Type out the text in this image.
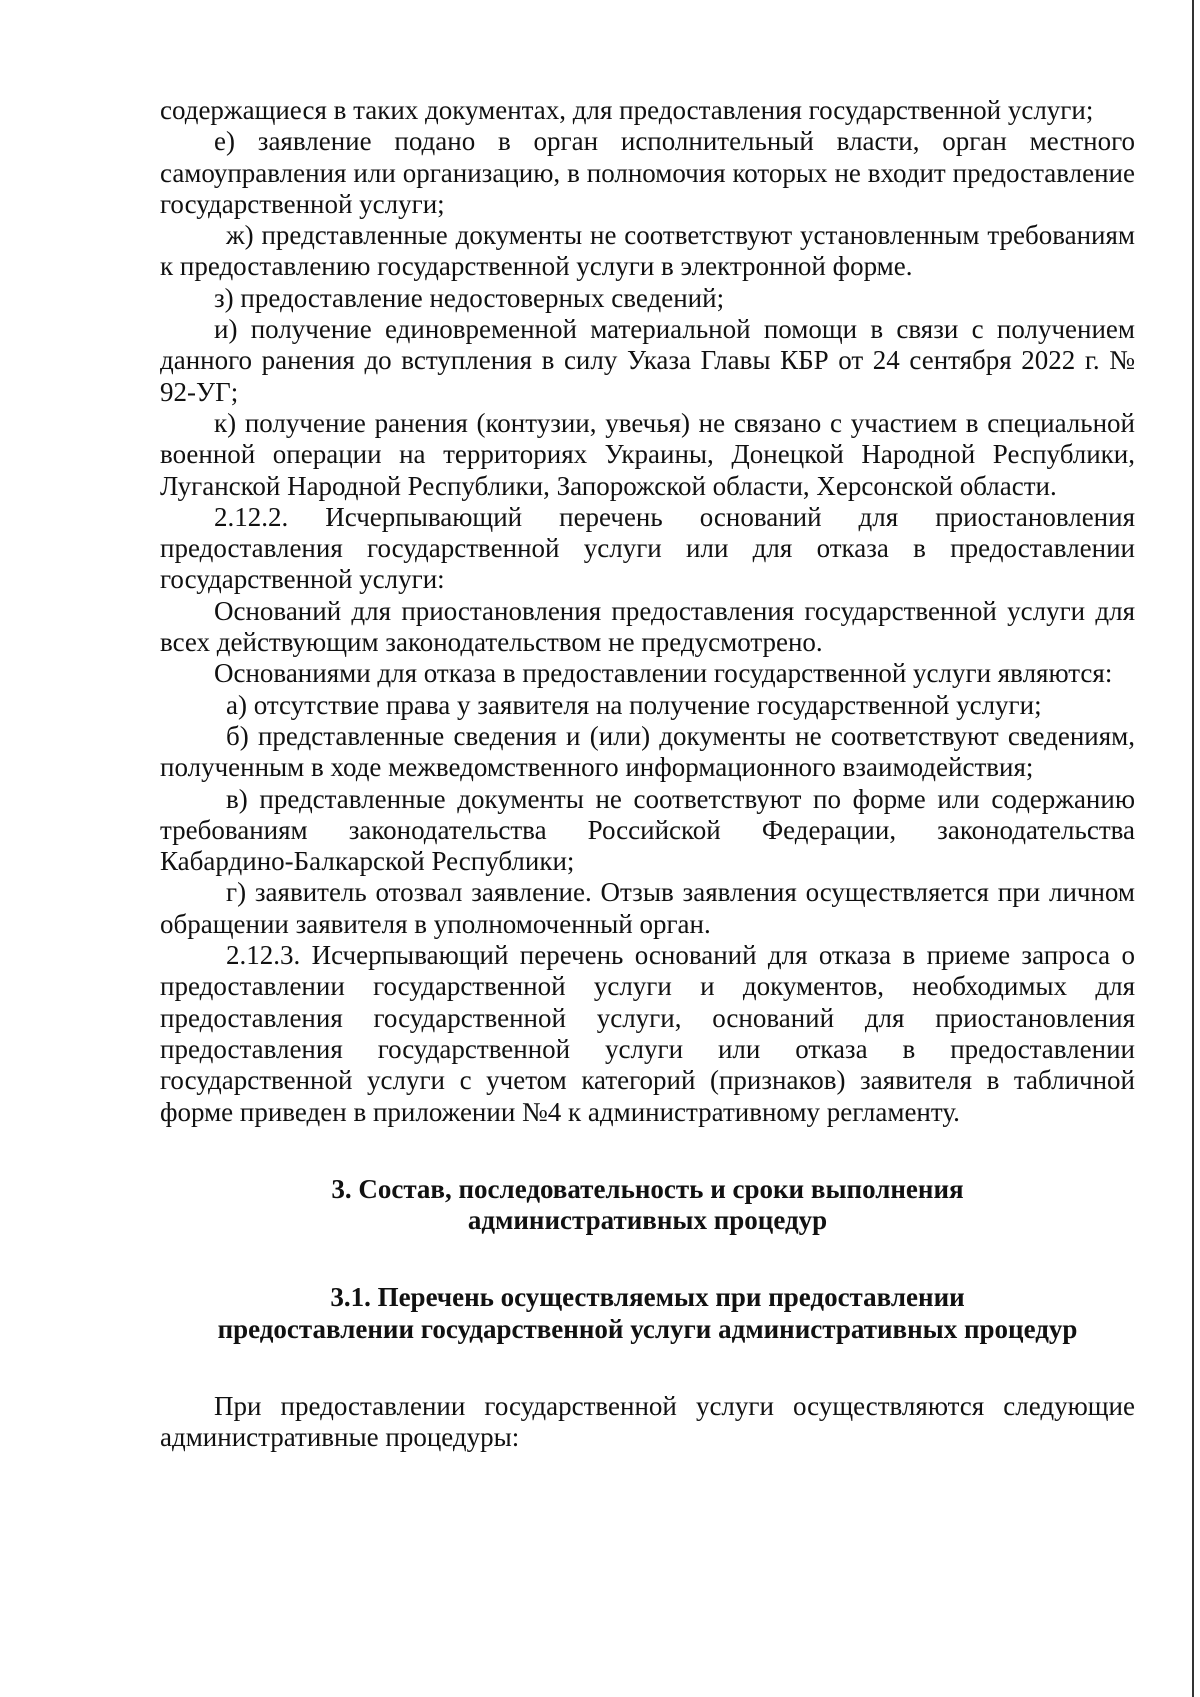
содержащиеся в таких документах, для предоставления государственной услуги;

е) заявление подано в орган исполнительный власти, орган местного самоуправления или организацию, в полномочия которых не входит предоставление государственной услуги;

ж) представленные документы не соответствуют установленным требованиям к предоставлению государственной услуги в электронной форме.

з) предоставление недостоверных сведений;

и) получение единовременной материальной помощи в связи с получением данного ранения до вступления в силу Указа Главы КБР от 24 сентября 2022 г. № 92-УГ;

к) получение ранения (контузии, увечья) не связано с участием в специальной военной операции на территориях Украины, Донецкой Народной Республики, Луганской Народной Республики, Запорожской области, Херсонской области.

2.12.2. Исчерпывающий перечень оснований для приостановления предоставления государственной услуги или для отказа в предоставлении государственной услуги:

Оснований для приостановления предоставления государственной услуги для всех действующим законодательством не предусмотрено.

Основаниями для отказа в предоставлении государственной услуги являются:

а) отсутствие права у заявителя на получение государственной услуги;

б) представленные сведения и (или) документы не соответствуют сведениям, полученным в ходе межведомственного информационного взаимодействия;

в) представленные документы не соответствуют по форме или содержанию требованиям законодательства Российской Федерации, законодательства Кабардино-Балкарской Республики;

г) заявитель отозвал заявление. Отзыв заявления осуществляется при личном обращении заявителя в уполномоченный орган.

2.12.3. Исчерпывающий перечень оснований для отказа в приеме запроса о предоставлении государственной услуги и документов, необходимых для предоставления государственной услуги, оснований для приостановления предоставления государственной услуги или отказа в предоставлении государственной услуги с учетом категорий (признаков) заявителя в табличной форме приведен в приложении №4 к административному регламенту.

3. Состав, последовательность и сроки выполнения
административных процедур
3.1. Перечень осуществляемых при предоставлении
предоставлении государственной услуги административных процедур

При предоставлении государственной услуги осуществляются следующие административные процедуры:
